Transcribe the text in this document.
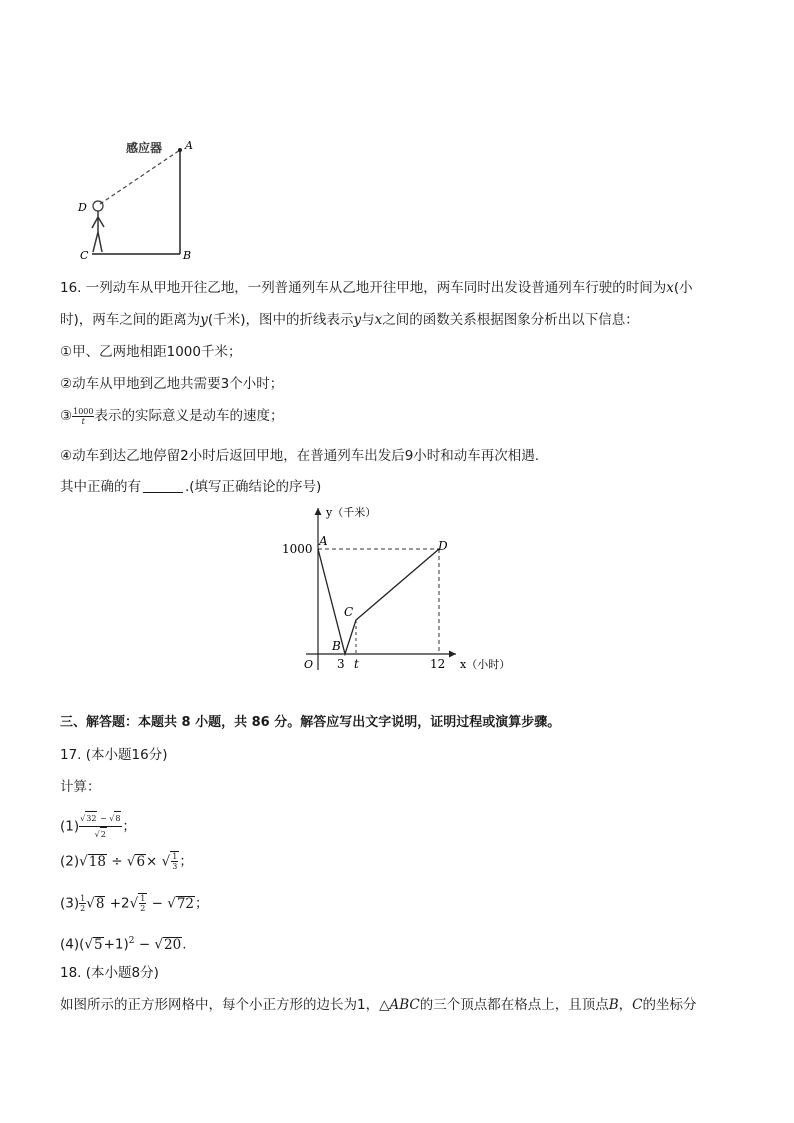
感应器 A
B
C
D
16. 一列动车从甲地开往乙地，一列普通列车从乙地开往甲地，两车同时出发设普通列车行驶的时间为x(小
时)，两车之间的距离为y(千米)，图中的折线表示y与x之间的函数关系根据图象分析出以下信息：
①甲、乙两地相距1000千米；
②动车从甲地到乙地共需要3个小时；
③ $\frac{1000}{t}$ 表示的实际意义是动车的速度；
④动车到达乙地停留2小时后返回甲地，在普通列车出发后9小时和动车再次相遇.
其中正确的有	.(填写正确结论的序号)
y（千米）
x（小时）
1000
O 3 t	12
A
B
C
D
三、解答题：本题共 8 小题，共 86 分。解答应写出文字说明，证明过程或演算步骤。
17. (本小题16分)
计算：
$(1) \frac{√32 - √8}{√2}$ ；
(2)√18 ÷ √6× √ $\frac{1}{3}$ ；
$(3) \frac{1}{2} √8 +2√ \frac{1}{2} - √72$；
$(4)(√5+1)^2 - √20$.
18. (本小题8分)
如图所示的正方形网格中，每个小正方形的边长为1，△ABC的三个顶点都在格点上，且顶点B，C的坐标分
